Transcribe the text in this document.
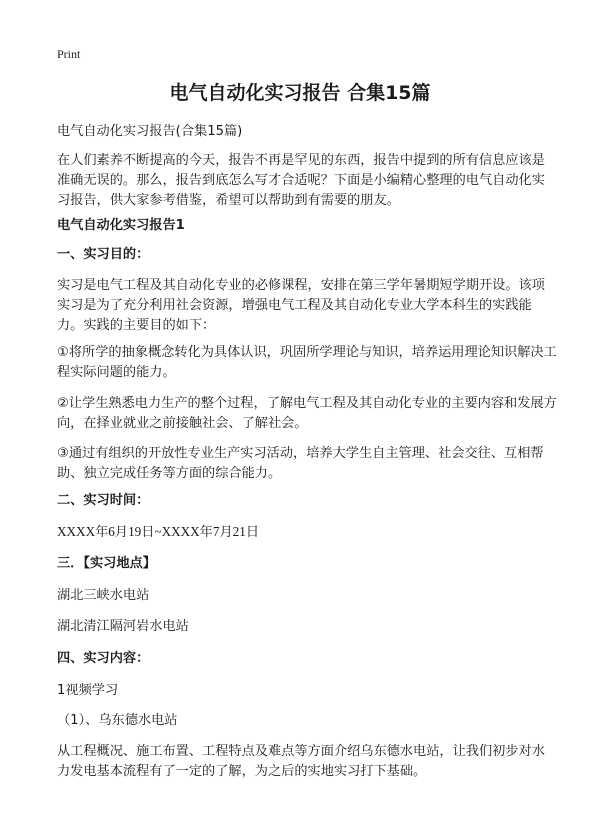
Print
电气自动化实习报告 合集15篇

电气自动化实习报告(合集15篇)

在人们素养不断提高的今天，报告不再是罕见的东西，报告中提到的所有信息应该是准确无误的。那么，报告到底怎么写才合适呢？下面是小编精心整理的电气自动化实习报告，供大家参考借鉴，希望可以帮助到有需要的朋友。

电气自动化实习报告1

一、实习目的：

实习是电气工程及其自动化专业的必修课程，安排在第三学年暑期短学期开设。该项实习是为了充分利用社会资源，增强电气工程及其自动化专业大学本科生的实践能力。实践的主要目的如下：

①将所学的抽象概念转化为具体认识，巩固所学理论与知识，培养运用理论知识解决工程实际问题的能力。

②让学生熟悉电力生产的整个过程，了解电气工程及其自动化专业的主要内容和发展方向，在择业就业之前接触社会、了解社会。

③通过有组织的开放性专业生产实习活动，培养大学生自主管理、社会交往、互相帮助、独立完成任务等方面的综合能力。

二、实习时间：

XXXX年6月19日~XXXX年7月21日

三．【实习地点】

湖北三峡水电站

湖北清江隔河岩水电站

四、实习内容：

1视频学习

（1）、乌东德水电站

从工程概况、施工布置、工程特点及难点等方面介绍乌东德水电站，让我们初步对水力发电基本流程有了一定的了解，为之后的实地实习打下基础。
